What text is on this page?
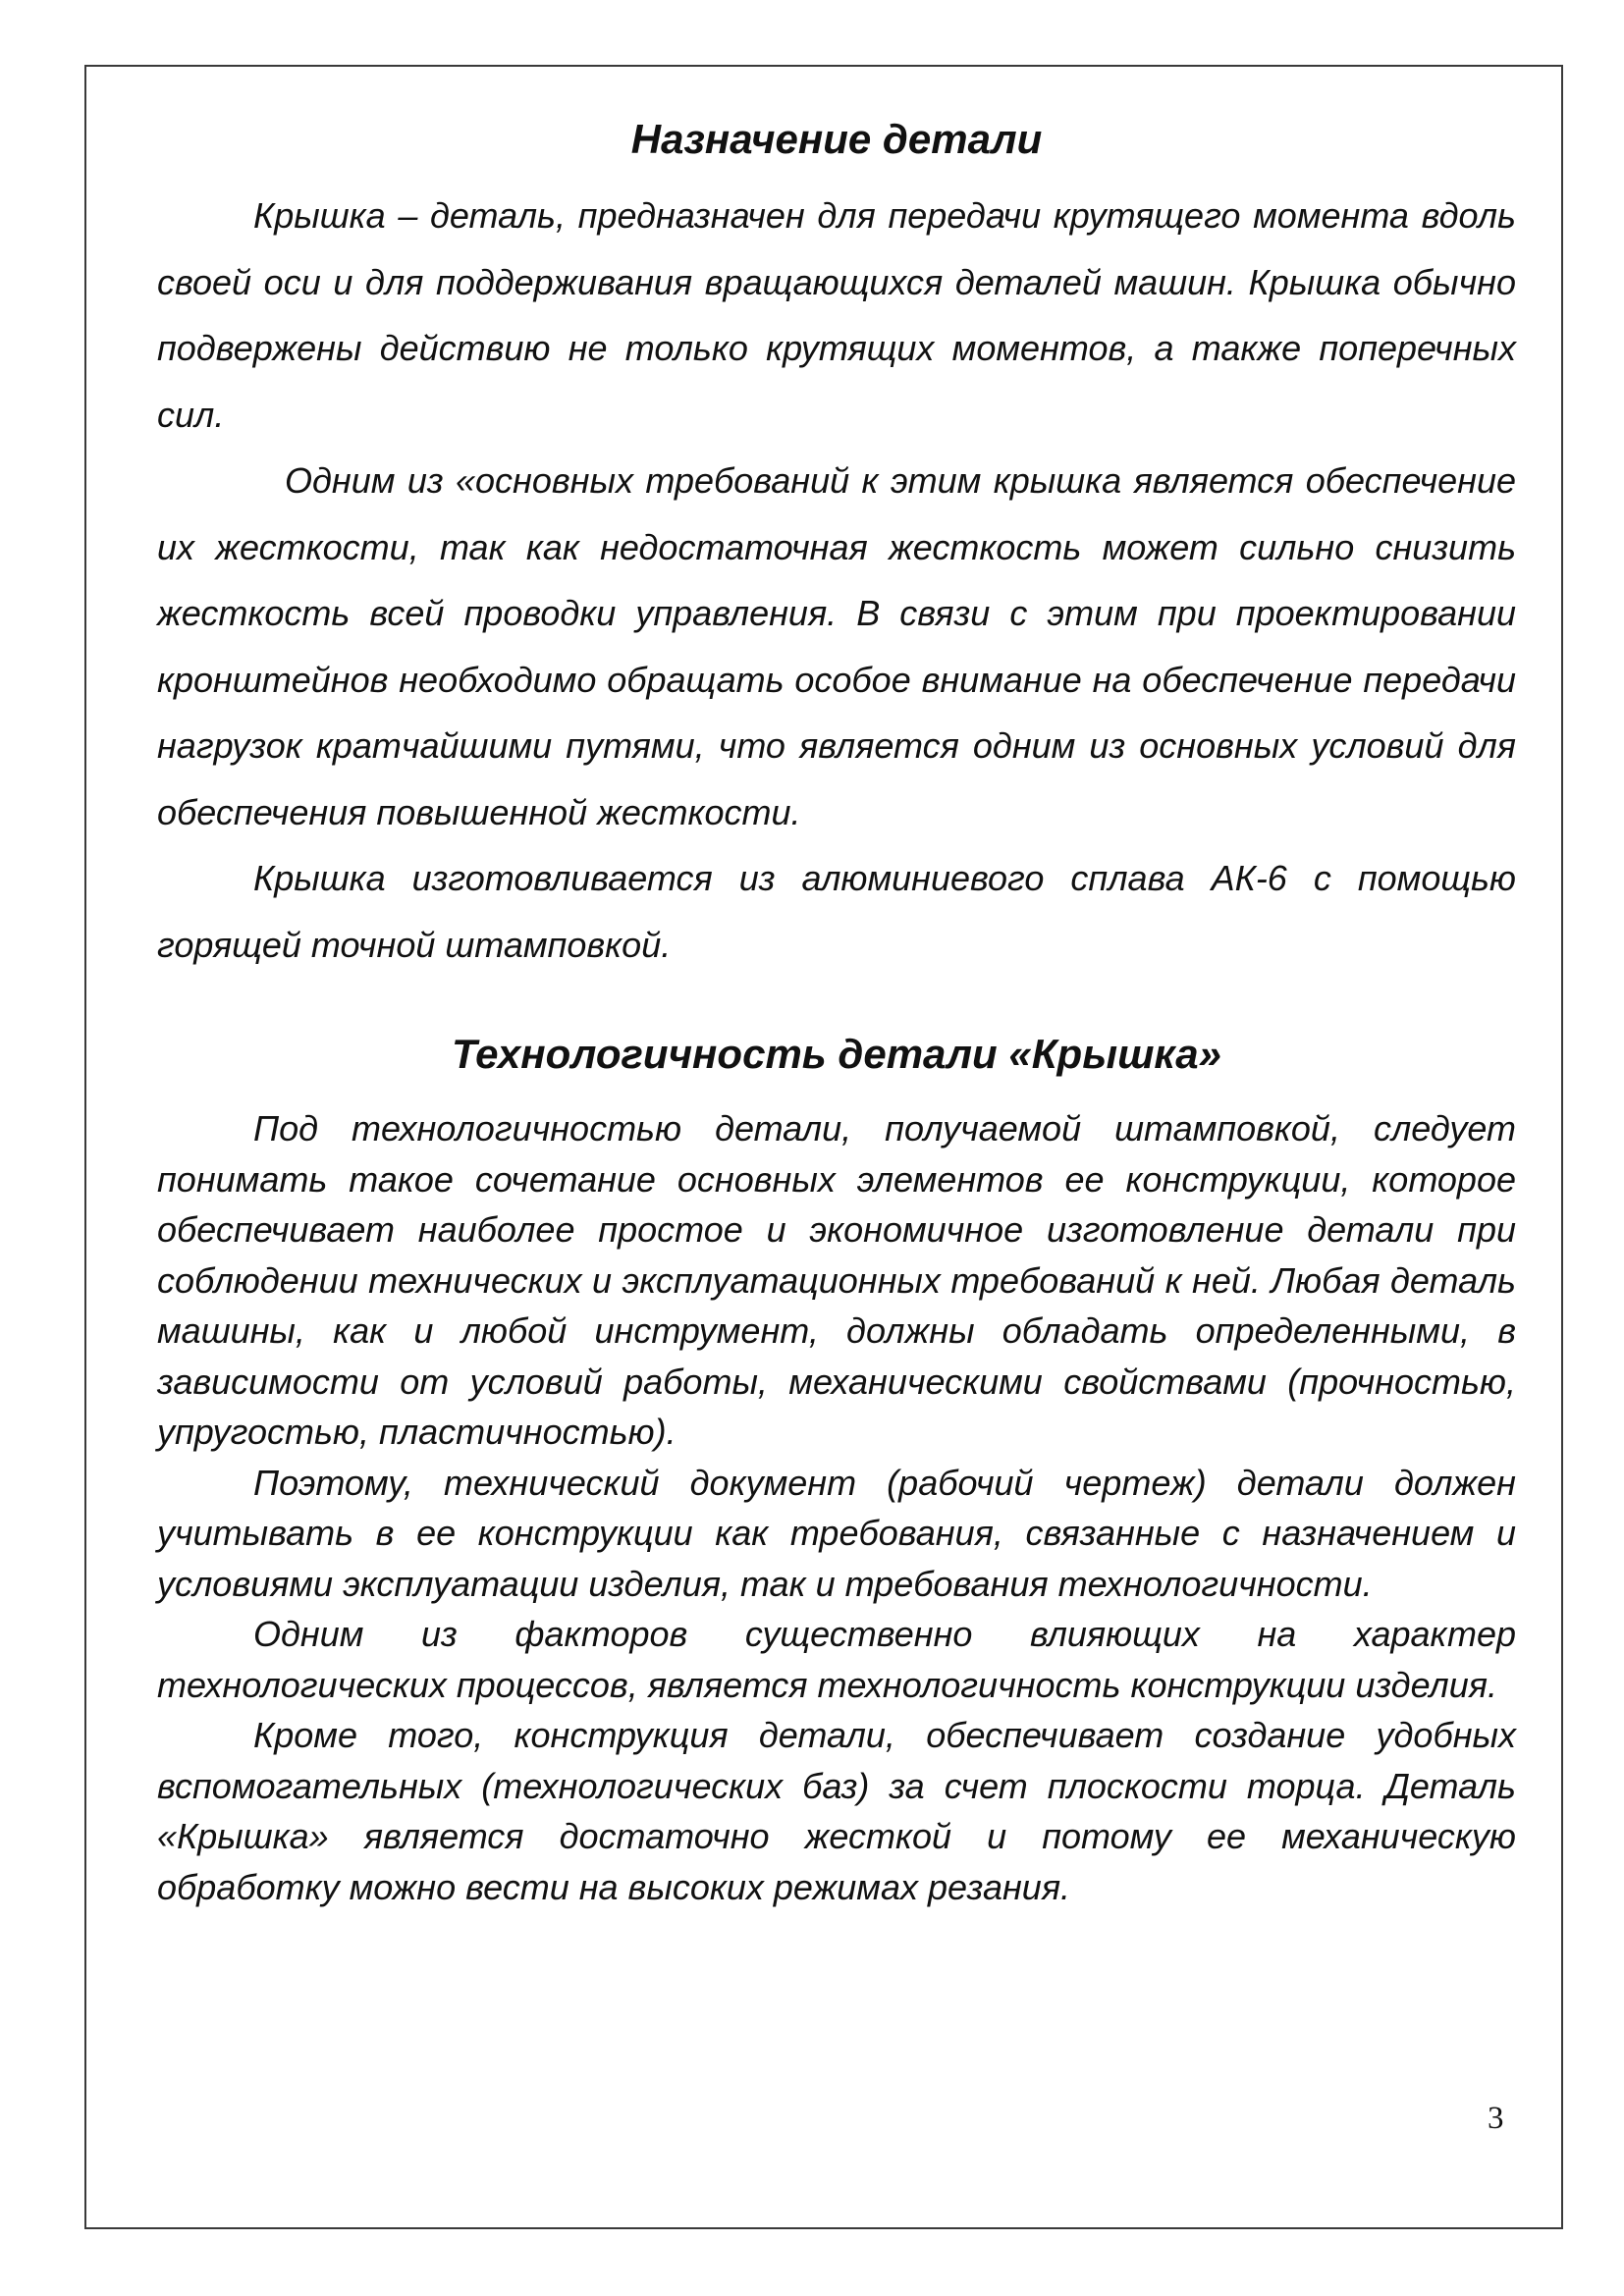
Назначение детали

Крышка – деталь, предназначен для передачи крутящего момента вдоль своей оси и для поддерживания вращающихся деталей машин. Крышка обычно подвержены действию не только крутящих моментов, а также поперечных сил.

Одним из «основных требований к этим крышка является обеспечение их жесткости, так как недостаточная жесткость может сильно снизить жесткость всей проводки управления. В связи с этим при проектировании кронштейнов необходимо обращать особое внимание на обеспечение передачи нагрузок кратчайшими путями, что является одним из основных условий для обеспечения повышенной жесткости.

Крышка изготовливается из алюминиевого сплава АК-6 с помощью горящей точной штамповкой.

Технологичность детали «Крышка»

Под технологичностью детали, получаемой штамповкой, следует понимать такое сочетание основных элементов ее конструкции, которое обеспечивает наиболее простое и экономичное изготовление детали при соблюдении технических и эксплуатационных требований к ней. Любая деталь машины, как и любой инструмент, должны обладать определенными, в зависимости от условий работы, механическими свойствами (прочностью, упругостью, пластичностью).

Поэтому, технический документ (рабочий чертеж) детали должен учитывать в ее конструкции как требования, связанные с назначением и условиями эксплуатации изделия, так и требования технологичности.

Одним из факторов существенно влияющих на характер технологических процессов, является технологичность конструкции изделия.

Кроме того, конструкция детали, обеспечивает создание удобных вспомогательных (технологических баз) за счет плоскости торца. Деталь «Крышка» является достаточно жесткой и потому ее механическую обработку можно вести на высоких режимах резания.

3
